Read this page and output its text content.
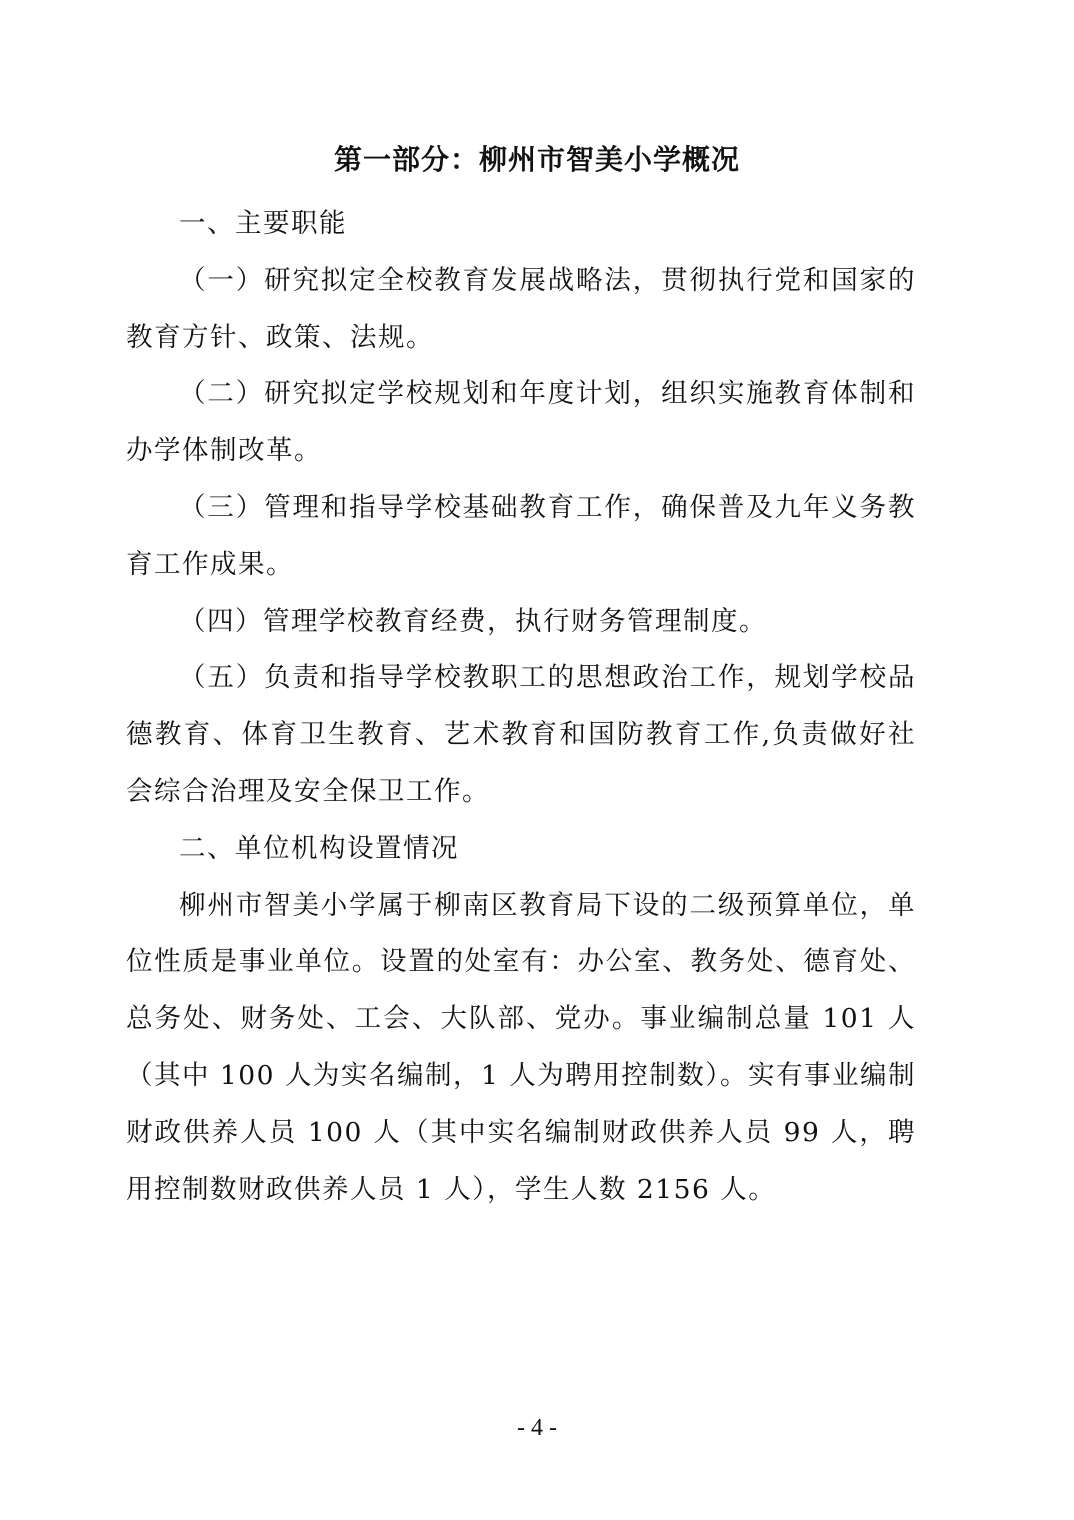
第一部分：柳州市智美小学概况

一、主要职能

（一）研究拟定全校教育发展战略法，贯彻执行党和国家的教育方针、政策、法规。

（二）研究拟定学校规划和年度计划，组织实施教育体制和办学体制改革。

（三）管理和指导学校基础教育工作，确保普及九年义务教育工作成果。

（四）管理学校教育经费，执行财务管理制度。

（五）负责和指导学校教职工的思想政治工作，规划学校品德教育、体育卫生教育、艺术教育和国防教育工作,负责做好社会综合治理及安全保卫工作。

二、单位机构设置情况

柳州市智美小学属于柳南区教育局下设的二级预算单位，单位性质是事业单位。设置的处室有：办公室、教务处、德育处、总务处、财务处、工会、大队部、党办。事业编制总量 101 人（其中 100 人为实名编制，1 人为聘用控制数）。实有事业编制财政供养人员 100 人（其中实名编制财政供养人员 99 人，聘用控制数财政供养人员 1 人），学生人数 2156 人。

- 4 -
